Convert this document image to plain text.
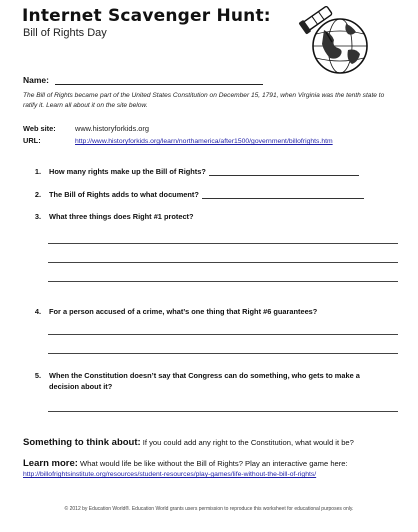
Internet Scavenger Hunt:
Bill of Rights Day
Name:
The Bill of Rights became part of the United States Constitution on December 15, 1791, when Virginia was the tenth state to ratify it. Learn all about it on the site below.
Web site:	www.historyforkids.org
URL:	http://www.historyforkids.org/learn/northamerica/after1500/government/billofrights.htm
1. How many rights make up the Bill of Rights?
2. The Bill of Rights adds to what document?
3. What three things does Right #1 protect?
4. For a person accused of a crime, what’s one thing that Right #6 guarantees?
5. When the Constitution doesn’t say that Congress can do something, who gets to make a
decision about it?
Something to think about: If you could add any right to the Constitution, what would it be?
Learn more: What would life be like without the Bill of Rights? Play an interactive game here:
http://billofrightsinstitute.org/resources/student-resources/play-games/life-without-the-bill-of-rights/
© 2012 by Education World®. Education World grants users permission to reproduce this worksheet for educational purposes only.
